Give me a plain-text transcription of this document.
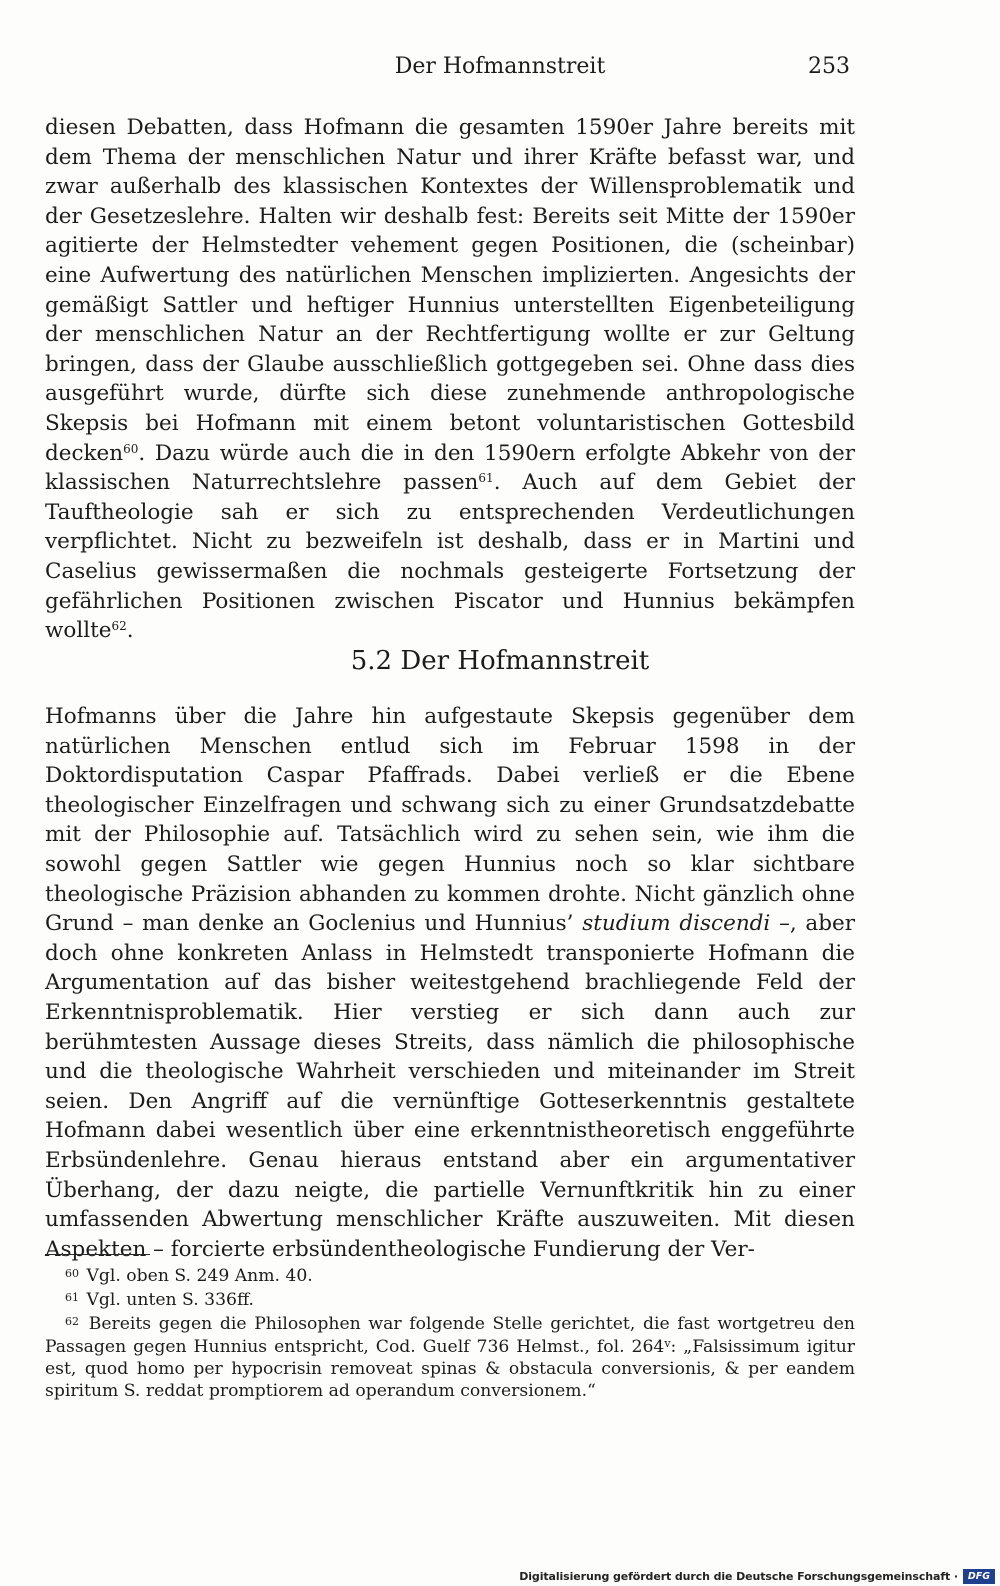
Der Hofmannstreit	253

diesen Debatten, dass Hofmann die gesamten 1590er Jahre bereits mit dem Thema der menschlichen Natur und ihrer Kräfte befasst war, und zwar außerhalb des klassischen Kontextes der Willensproblematik und der Gesetzeslehre. Halten wir deshalb fest: Bereits seit Mitte der 1590er agitierte der Helmstedter vehement gegen Positionen, die (scheinbar) eine Aufwertung des natürlichen Menschen implizierten. Angesichts der gemäßigt Sattler und heftiger Hunnius unterstellten Eigenbeteiligung der menschlichen Natur an der Rechtfertigung wollte er zur Geltung bringen, dass der Glaube ausschließlich gottgegeben sei. Ohne dass dies ausgeführt wurde, dürfte sich diese zunehmende anthropologische Skepsis bei Hofmann mit einem betont voluntaristischen Gottesbild decken$^{60}$. Dazu würde auch die in den 1590ern erfolgte Abkehr von der klassischen Naturrechtslehre passen$^{61}$. Auch auf dem Gebiet der Tauftheologie sah er sich zu entsprechenden Verdeutlichungen verpflichtet. Nicht zu bezweifeln ist deshalb, dass er in Martini und Caselius gewissermaßen die nochmals gesteigerte Fortsetzung der gefährlichen Positionen zwischen Piscator und Hunnius bekämpfen wollte$^{62}$.

5.2 Der Hofmannstreit

Hofmanns über die Jahre hin aufgestaute Skepsis gegenüber dem natürlichen Menschen entlud sich im Februar 1598 in der Doktordisputation Caspar Pfaffrads. Dabei verließ er die Ebene theologischer Einzelfragen und schwang sich zu einer Grundsatzdebatte mit der Philosophie auf. Tatsächlich wird zu sehen sein, wie ihm die sowohl gegen Sattler wie gegen Hunnius noch so klar sichtbare theologische Präzision abhanden zu kommen drohte. Nicht gänzlich ohne Grund – man denke an Goclenius und Hunnius’ studium discendi –, aber doch ohne konkreten Anlass in Helmstedt transponierte Hofmann die Argumentation auf das bisher weitestgehend brachliegende Feld der Erkenntnisproblematik. Hier verstieg er sich dann auch zur berühmtesten Aussage dieses Streits, dass nämlich die philosophische und die theologische Wahrheit verschieden und miteinander im Streit seien. Den Angriff auf die vernünftige Gotteserkenntnis gestaltete Hofmann dabei wesentlich über eine erkenntnistheoretisch enggeführte Erbsündenlehre. Genau hieraus entstand aber ein argumentativer Überhang, der dazu neigte, die partielle Vernunftkritik hin zu einer umfassenden Abwertung menschlicher Kräfte auszuweiten. Mit diesen Aspekten – forcierte erbsündentheologische Fundierung der Ver-

$^{60}$ Vgl. oben S. 249 Anm. 40.

$^{61}$ Vgl. unten S. 336ff.

$^{62}$ Bereits gegen die Philosophen war folgende Stelle gerichtet, die fast wortgetreu den Passagen gegen Hunnius entspricht, Cod. Guelf 736 Helmst., fol. 264$^v$: „Falsissimum igitur est, quod homo per hypocrisin removeat spinas & obstacula conversionis, & per eandem spiritum S. reddat promptiorem ad operandum conversionem.“

Digitalisierung gefördert durch die Deutsche Forschungsgemeinschaft ·	DFG
